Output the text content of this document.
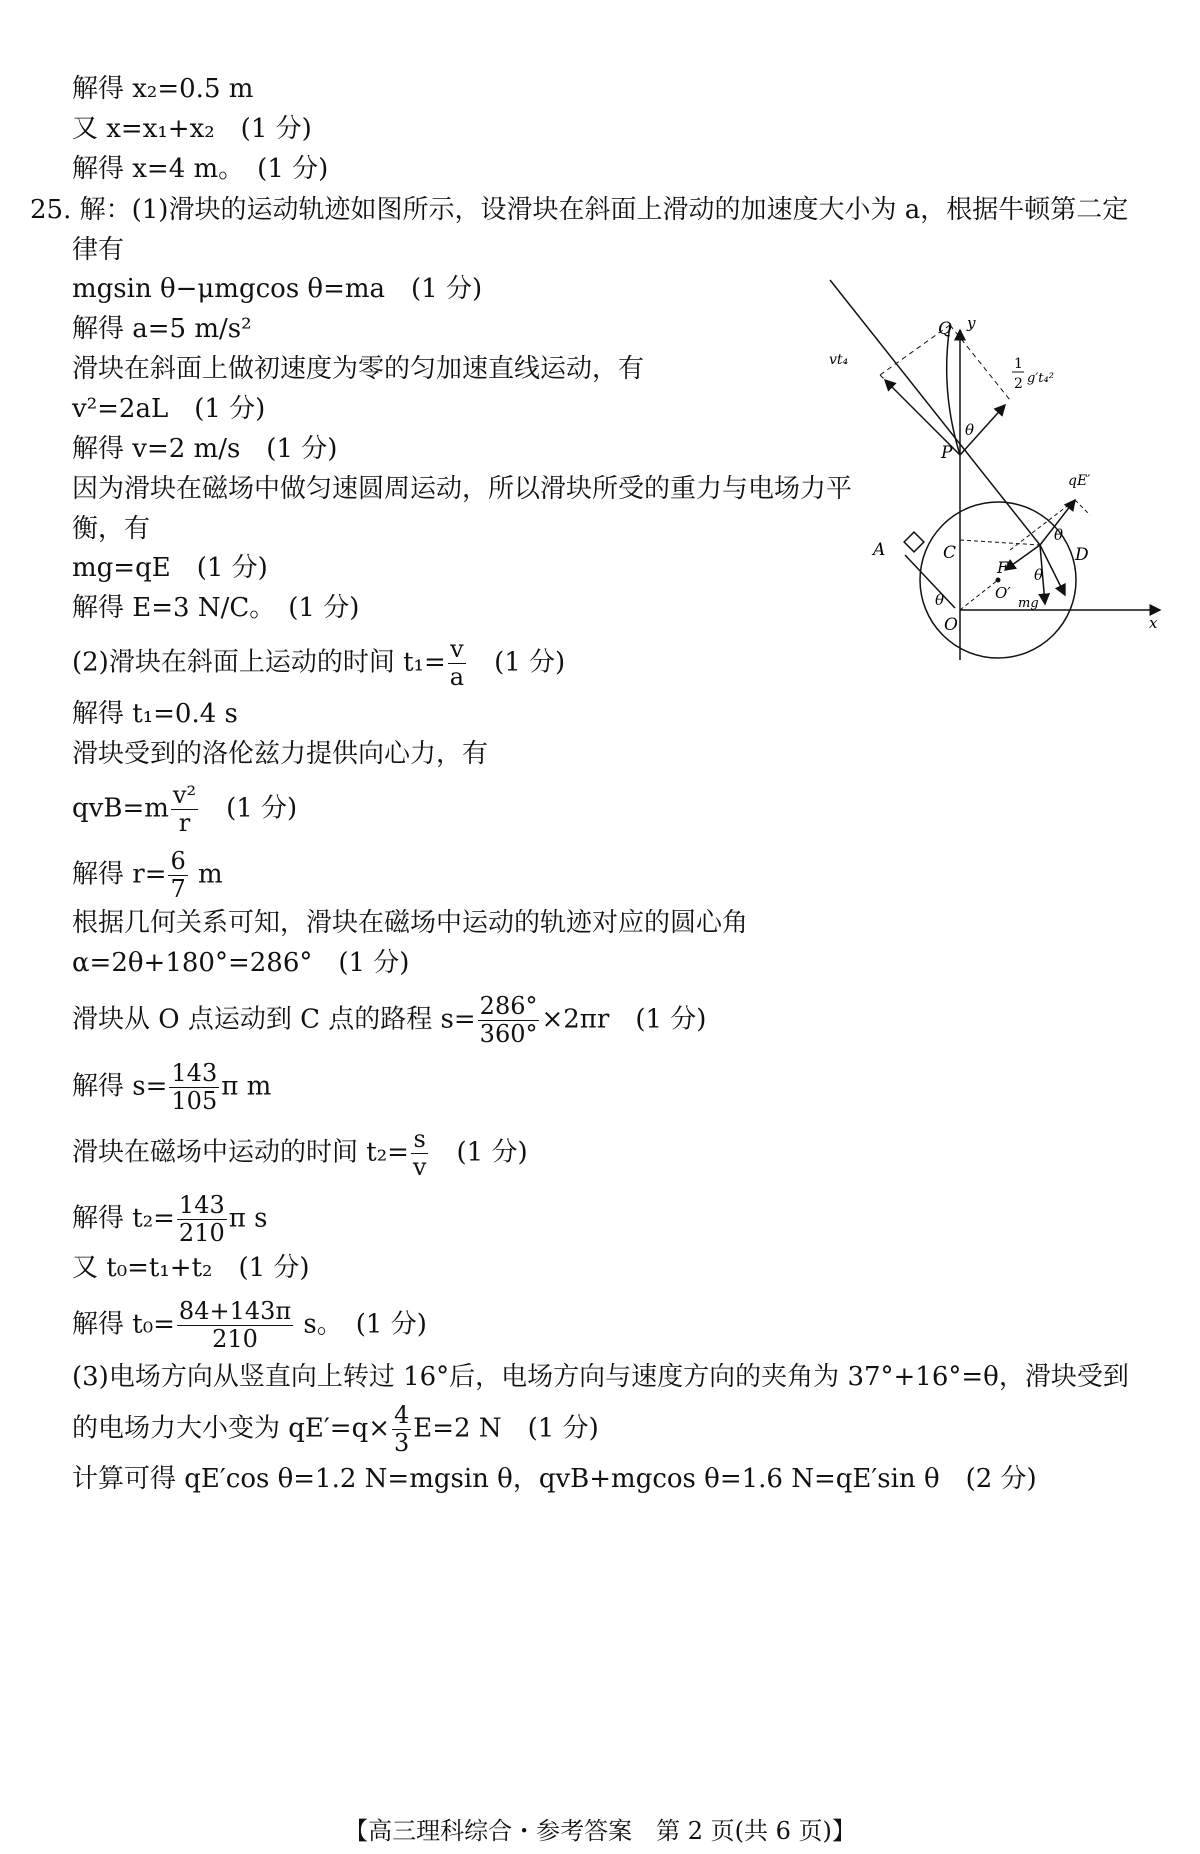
解得 x₂=0.5 m
又 x=x₁+x₂　(1 分)
解得 x=4 m。　(1 分)
25. 解：(1)滑块的运动轨迹如图所示，设滑块在斜面上滑动的加速度大小为 a，根据牛顿第二定
律有
mgsin θ−μmgcos θ=ma　(1 分)
解得 a=5 m/s²
滑块在斜面上做初速度为零的匀加速直线运动，有
v²=2aL　(1 分)
解得 v=2 m/s　(1 分)
因为滑块在磁场中做匀速圆周运动，所以滑块所受的重力与电场力平
衡，有
mg=qE　(1 分)
解得 E=3 N/C。　(1 分)
(2)滑块在斜面上运动的时间 $t_1= \frac{v}{a}$
　 (1 分)
解得 t₁=0.4 s
滑块受到的洛伦兹力提供向心力，有
$qvB=m \frac{\text{v²}}{r}$
　 (1 分)
解得 $r= \frac{6}{7}$ m
根据几何关系可知，滑块在磁场中运动的轨迹对应的圆心角
α=2θ+180°=286°　(1 分)
滑块从 O 点运动到 C 点的路程 $s= \frac{286^\circ}{360^\circ} \times 2\pi r$　(1 分)
解得 $s= \frac{143}{105}$ π m
滑块在磁场中运动的时间 $t_2= \frac{s}{v}$
　 (1 分)
解得 $t_2= \frac{143}{210}$ π s
又 t₀=t₁+t₂　(1 分)
解得 $t_0= \frac{84+143\pi}{210}$ s。　(1 分)
(3)电场方向从竖直向上转过 16°后，电场方向与速度方向的夹角为 37°+16°=θ，滑块受到
的电场力大小变为 $qE'=q\times \frac{4}{3} E=2$ N　(1 分)
计算可得 qE′cos θ=1.2 N=mgsin θ，qvB+mgcos θ=1.6 N=qE′sin θ　(2 分)
Q y
vt₄
θ
1
2 g′t₄²
P
qE′
θ
A	C
F
D
θ
O′
mg
θ
O	x
【高三理科综合・参考答案　第 2 页(共 6 页)】
